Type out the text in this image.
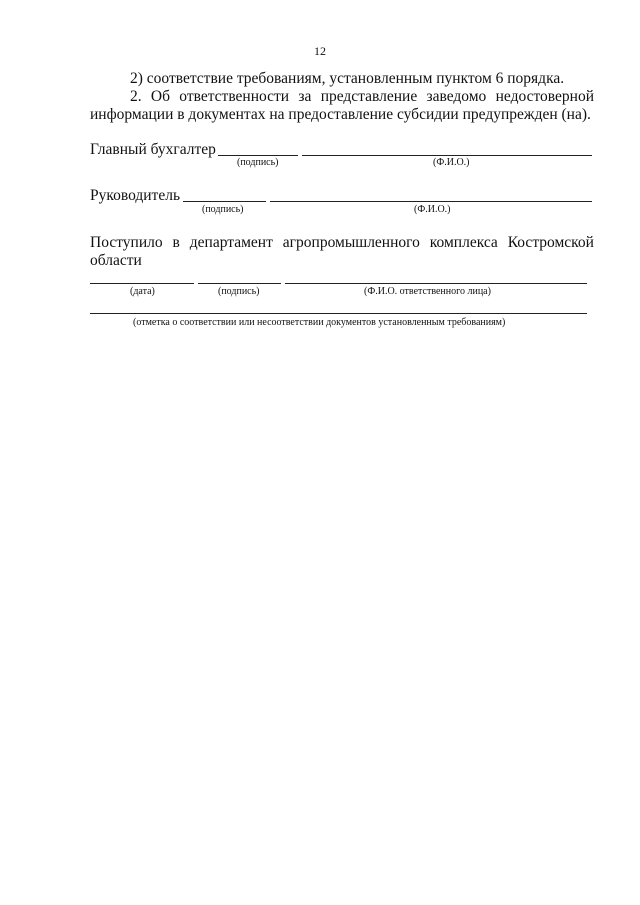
12
2) соответствие требованиям, установленным пунктом 6 порядка.
2. Об ответственности за представление заведомо недостоверной
информации в документах на предоставление субсидии предупрежден (на).
Главный бухгалтер
(подпись)	(Ф.И.О.)
Руководитель
(подпись)	(Ф.И.О.)
Поступило в департамент агропромышленного комплекса Костромской
области
(дата)	(подпись)	(Ф.И.О. ответственного лица)
(отметка о соответствии или несоответствии документов установленным требованиям)
